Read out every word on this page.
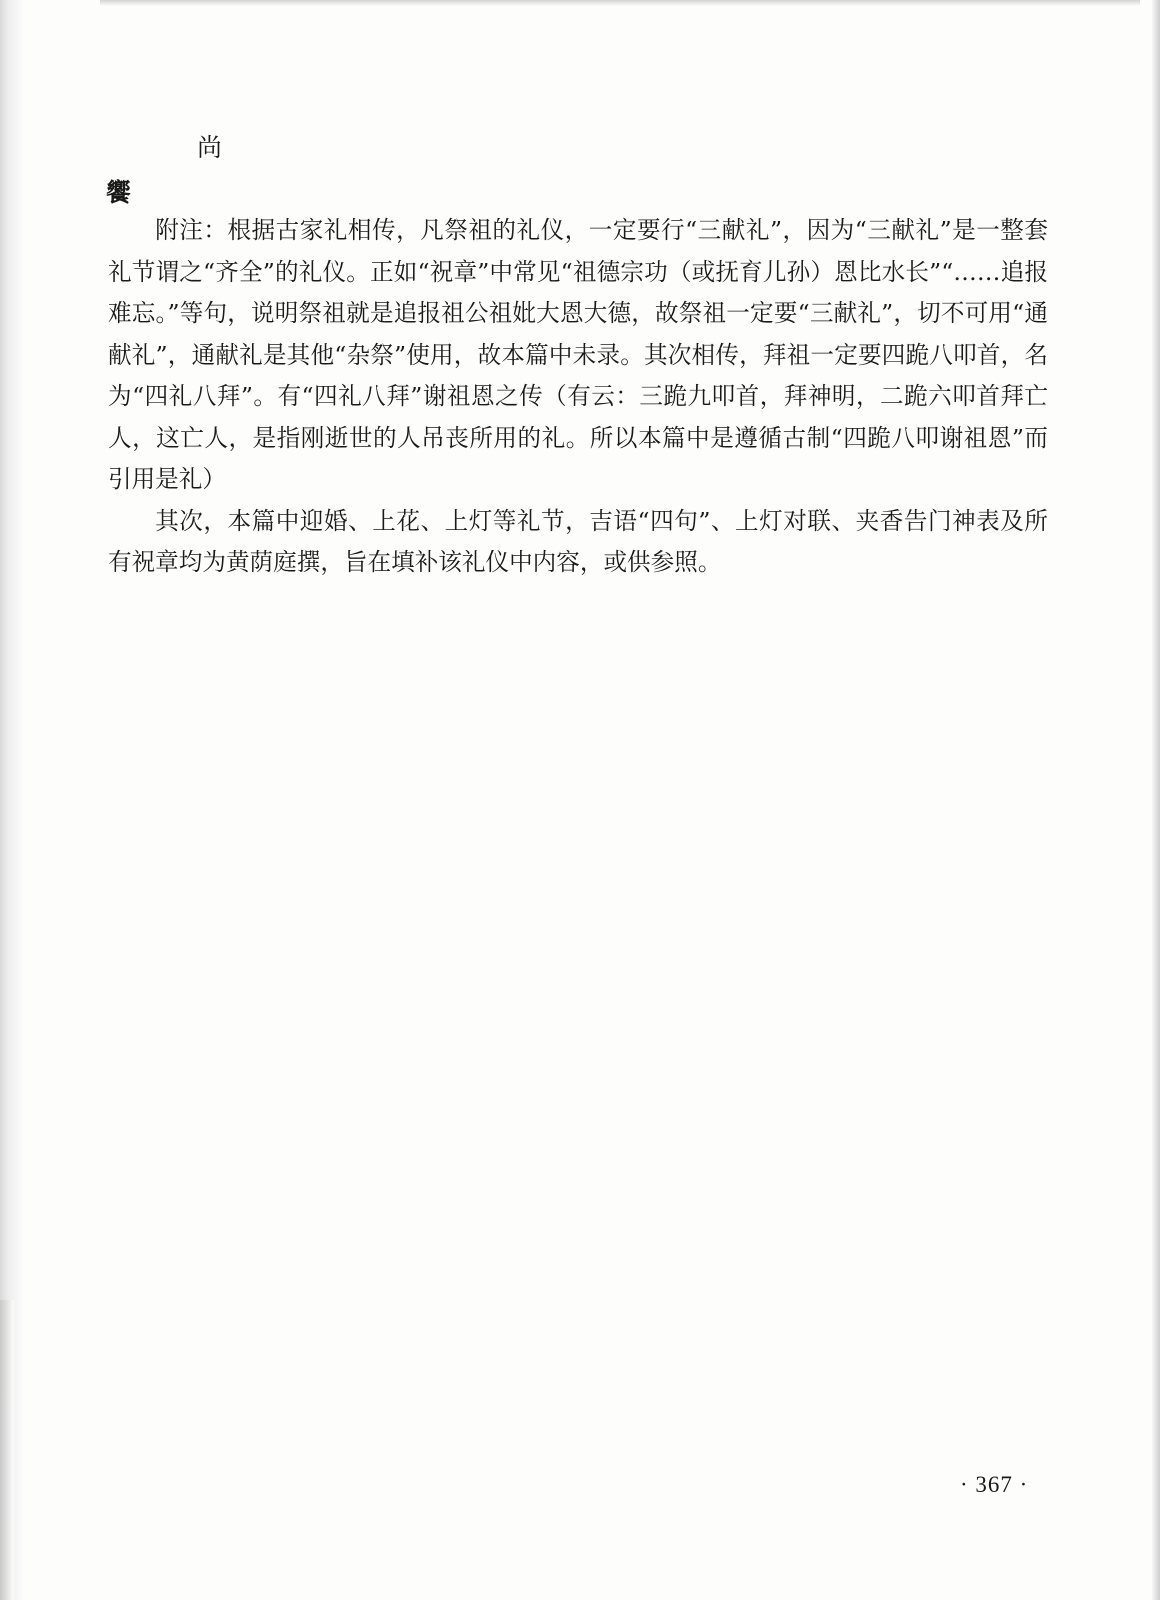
尚
饗

附注：根据古家礼相传，凡祭祖的礼仪，一定要行“三献礼”，因为“三献礼”是一整套礼节谓之“齐全”的礼仪。正如“祝章”中常见“祖德宗功（或抚育儿孙）恩比水长”“……追报难忘。”等句，说明祭祖就是追报祖公祖妣大恩大德，故祭祖一定要“三献礼”，切不可用“通献礼”，通献礼是其他“杂祭”使用，故本篇中未录。其次相传，拜祖一定要四跪八叩首，名为“四礼八拜”。有“四礼八拜”谢祖恩之传（有云：三跪九叩首，拜神明，二跪六叩首拜亡人，这亡人，是指刚逝世的人吊丧所用的礼。所以本篇中是遵循古制“四跪八叩谢祖恩”而引用是礼）

其次，本篇中迎婚、上花、上灯等礼节，吉语“四句”、上灯对联、夹香告门神表及所有祝章均为黄荫庭撰，旨在填补该礼仪中内容，或供参照。

· 367 ·
